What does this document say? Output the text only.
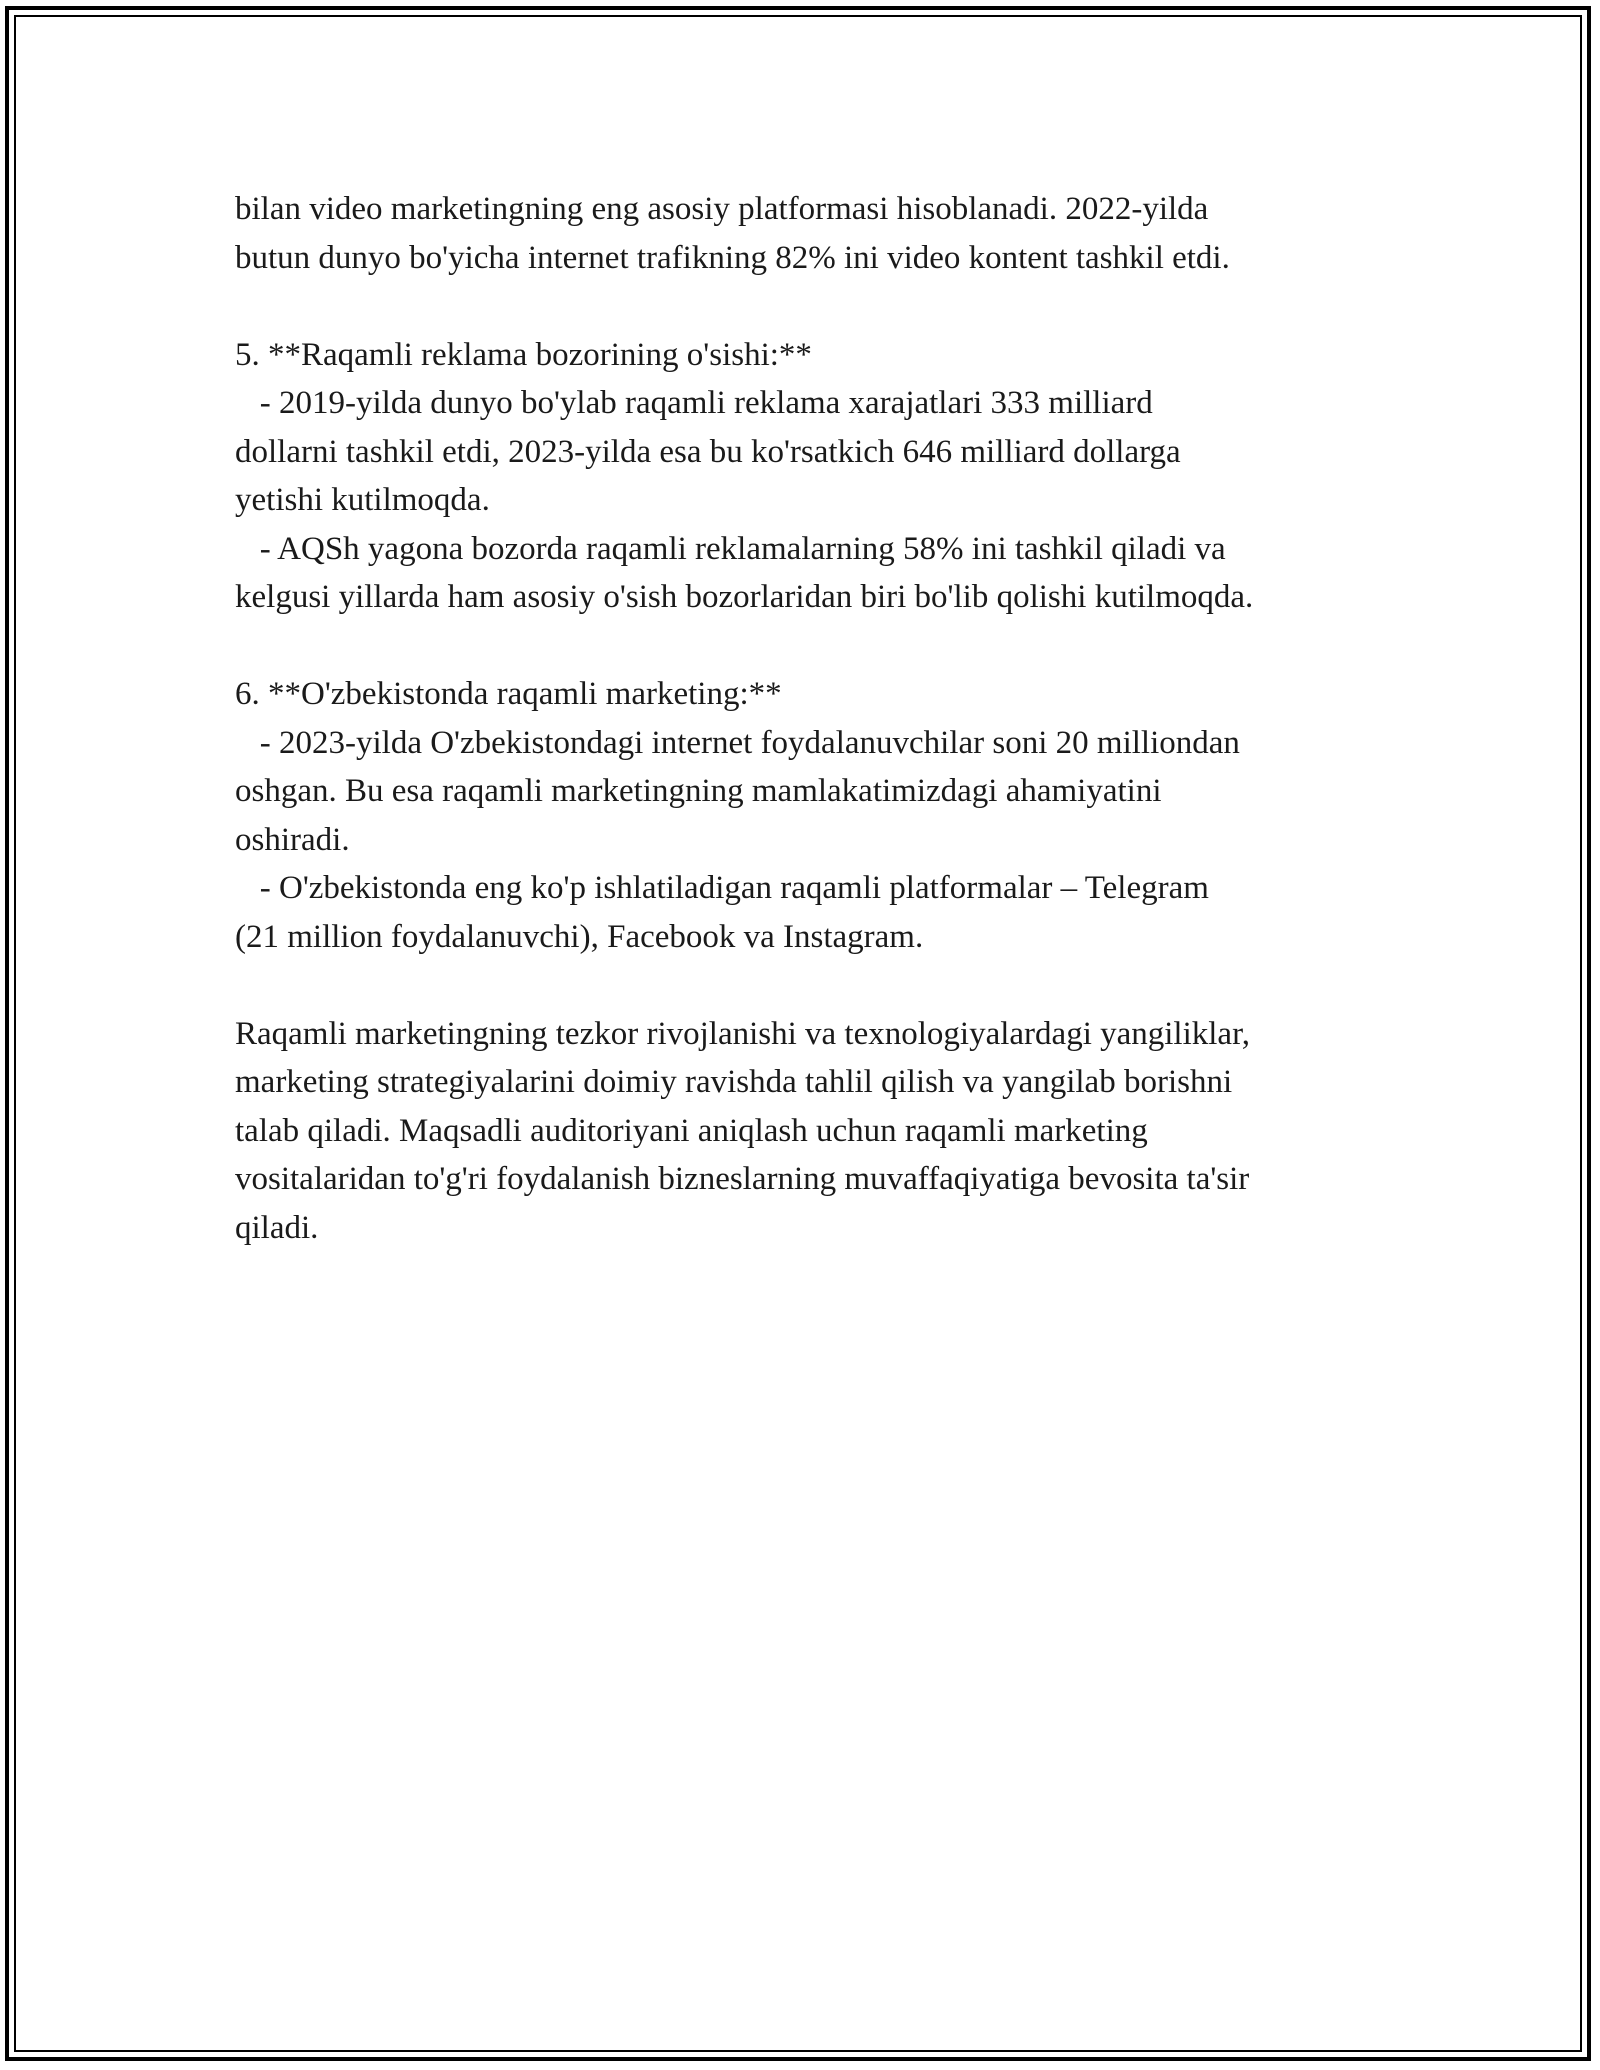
bilan video marketingning eng asosiy platformasi hisoblanadi. 2022-yilda

butun dunyo bo'yicha internet trafikning 82% ini video kontent tashkil etdi.

5. **Raqamli reklama bozorining o'sishi:**

- 2019-yilda dunyo bo'ylab raqamli reklama xarajatlari 333 milliard

dollarni tashkil etdi, 2023-yilda esa bu ko'rsatkich 646 milliard dollarga

yetishi kutilmoqda.

- AQSh yagona bozorda raqamli reklamalarning 58% ini tashkil qiladi va

kelgusi yillarda ham asosiy o'sish bozorlaridan biri bo'lib qolishi kutilmoqda.

6. **O'zbekistonda raqamli marketing:**

- 2023-yilda O'zbekistondagi internet foydalanuvchilar soni 20 milliondan

oshgan. Bu esa raqamli marketingning mamlakatimizdagi ahamiyatini

oshiradi.

- O'zbekistonda eng ko'p ishlatiladigan raqamli platformalar – Telegram

(21 million foydalanuvchi), Facebook va Instagram.

Raqamli marketingning tezkor rivojlanishi va texnologiyalardagi yangiliklar,

marketing strategiyalarini doimiy ravishda tahlil qilish va yangilab borishni

talab qiladi. Maqsadli auditoriyani aniqlash uchun raqamli marketing

vositalaridan to'g'ri foydalanish bizneslarning muvaffaqiyatiga bevosita ta'sir

qiladi.
